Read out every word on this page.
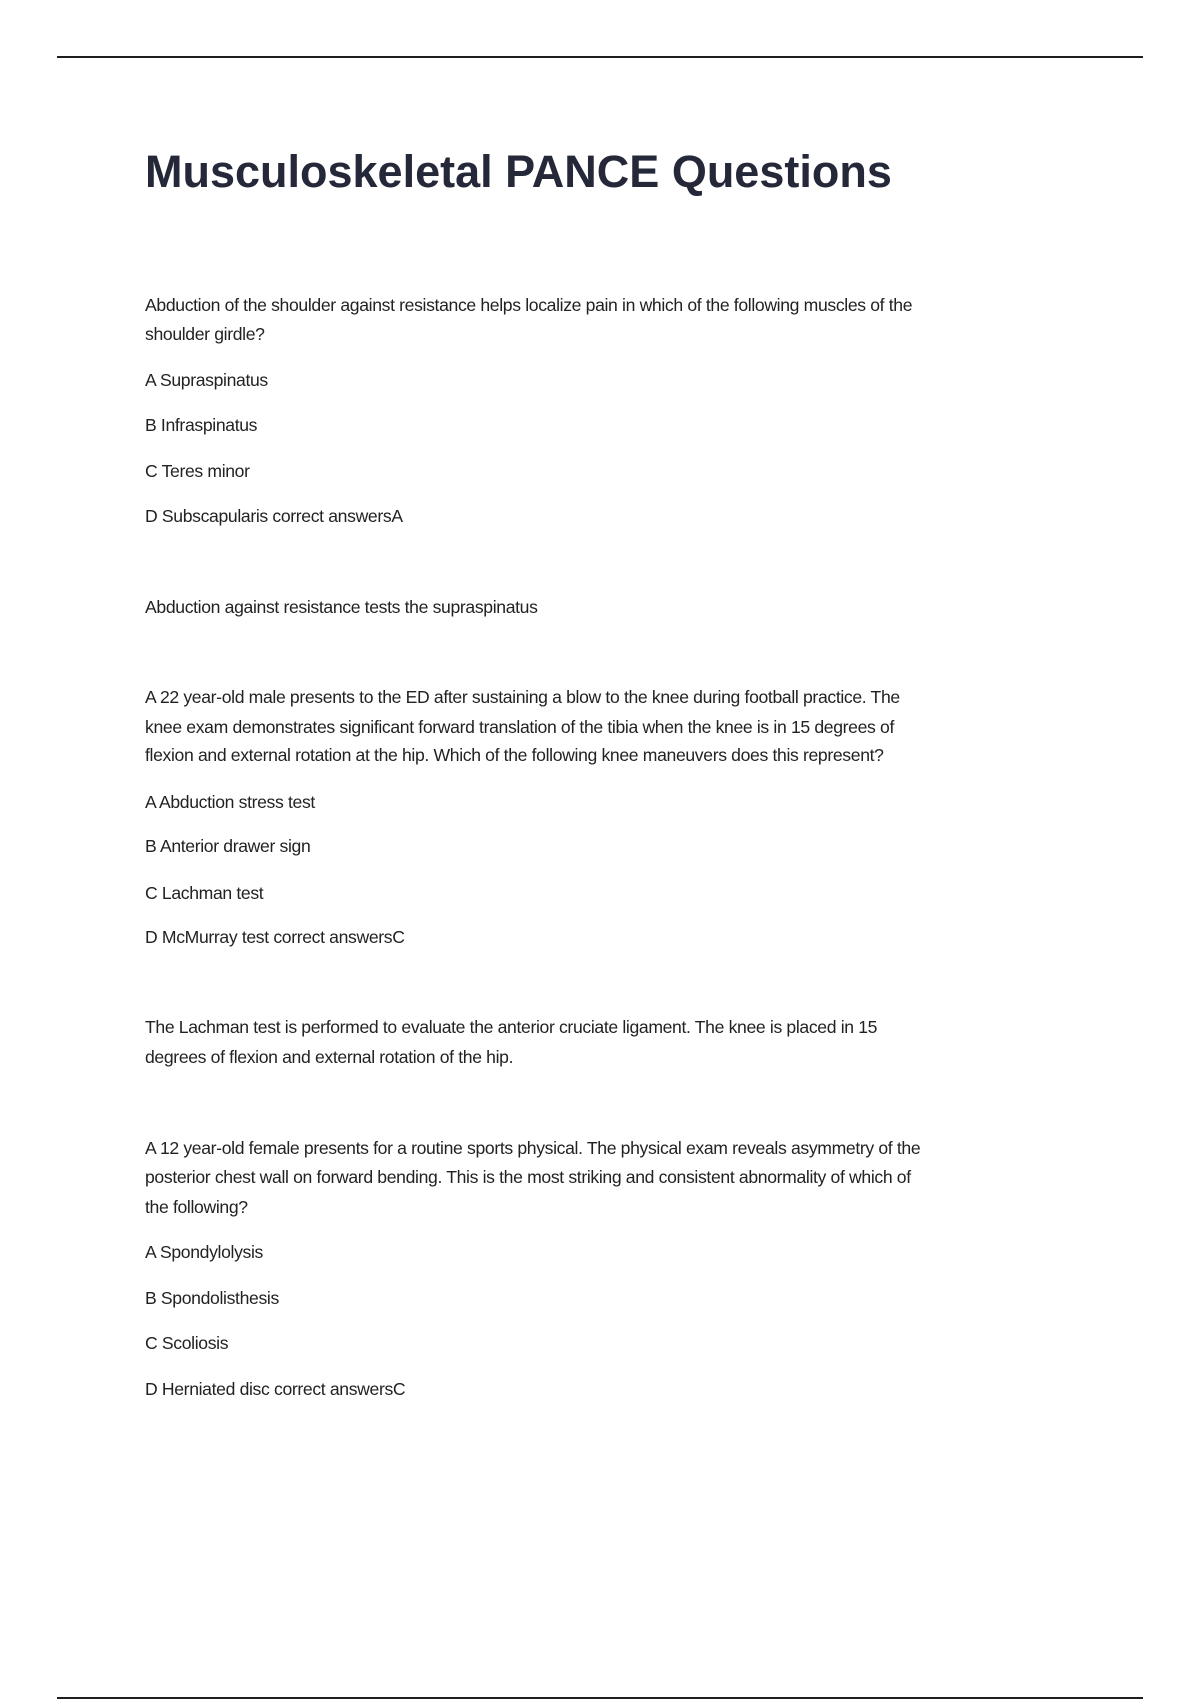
Musculoskeletal PANCE Questions
Abduction of the shoulder against resistance helps localize pain in which of the following muscles of the
shoulder girdle?
A Supraspinatus
B Infraspinatus
C Teres minor
D Subscapularis correct answersA
Abduction against resistance tests the supraspinatus
A 22 year-old male presents to the ED after sustaining a blow to the knee during football practice. The
knee exam demonstrates significant forward translation of the tibia when the knee is in 15 degrees of
flexion and external rotation at the hip. Which of the following knee maneuvers does this represent?
A Abduction stress test
B Anterior drawer sign
C Lachman test
D McMurray test correct answersC
The Lachman test is performed to evaluate the anterior cruciate ligament. The knee is placed in 15
degrees of flexion and external rotation of the hip.
A 12 year-old female presents for a routine sports physical. The physical exam reveals asymmetry of the
posterior chest wall on forward bending. This is the most striking and consistent abnormality of which of
the following?
A Spondylolysis
B Spondolisthesis
C Scoliosis
D Herniated disc correct answersC
